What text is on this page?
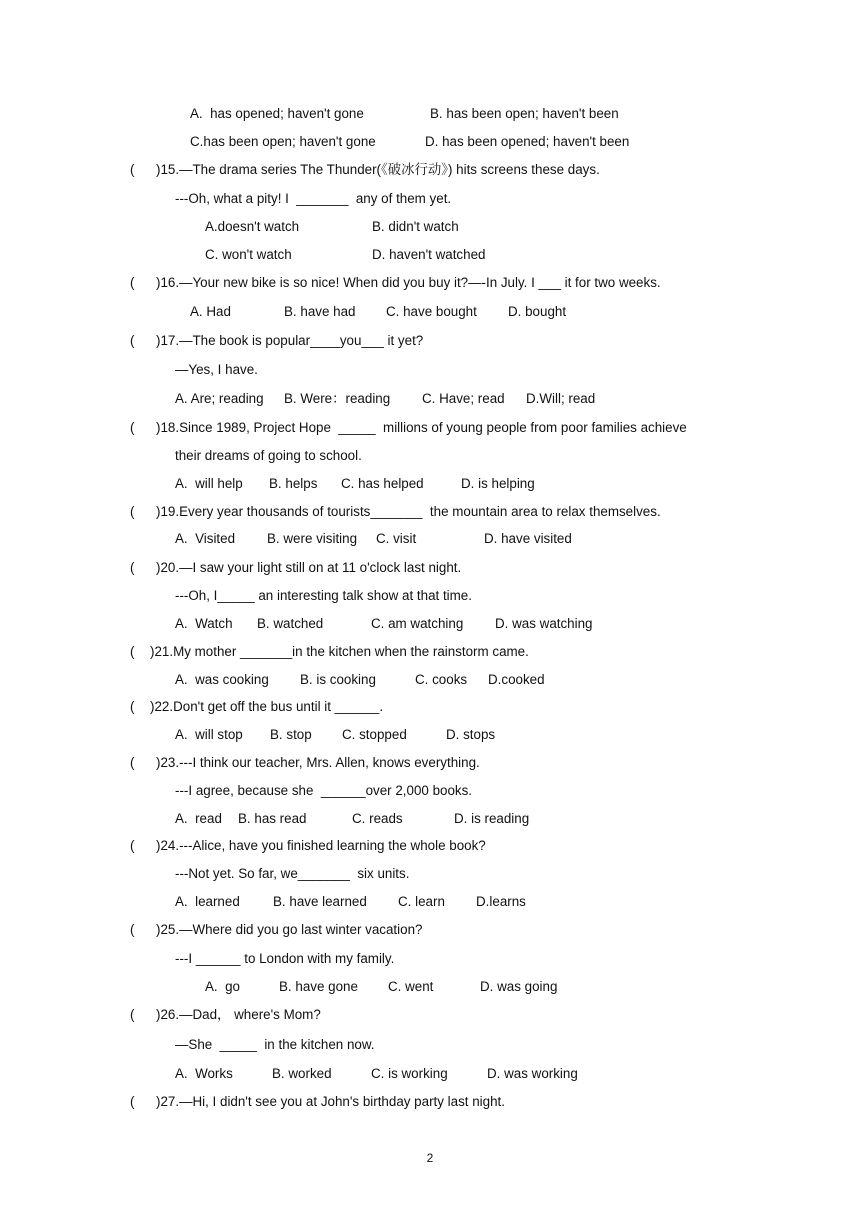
A.  has opened; haven't gone	B. has been open; haven't been
C.has been open; haven't gone	D. has been opened; haven't been
( )15.—The drama series The Thunder(《破冰行动》) hits screens these days.
---Oh, what a pity! I  _______  any of them yet.
A.doesn't watch	B. didn't watch
C. won't watch	D. haven't watched
( )16.—Your new bike is so nice! When did you buy it?—-In July. I ___ it for two weeks.
A. Had	B. have had C. have bought D. bought
( )17.—The book is popular____you___ it yet?
—Yes, I have.
A. Are; reading B. Were：reading C. Have; read D.Will; read
( )18.Since 1989, Project Hope  _____  millions of young people from poor families achieve
their dreams of going to school.
A.  will help B. helps C. has helped	D. is helping
( )19.Every year thousands of tourists_______  the mountain area to relax themselves.
A.  Visited B. were visiting C. visit	D. have visited
( )20.—I saw your light still on at 11 o'clock last night.
---Oh, I_____ an interesting talk show at that time.
A.  Watch B. watched	C. am watching D. was watching
( )21.My mother _______in the kitchen when the rainstorm came.
A.  was cooking B. is cooking	C. cooks D.cooked
( )22.Don't get off the bus until it ______.
A.  will stop B. stop C. stopped	D. stops
( )23.---I think our teacher, Mrs. Allen, knows everything.
---I agree, because she  ______over 2,000 books.
A.  read B. has read	C. reads	D. is reading
( )24.---Alice, have you finished learning the whole book?
---Not yet. So far, we_______  six units.
A.  learned B. have learned C. learn D.learns
( )25.—Where did you go last winter vacation?
---I ______ to London with my family.
A.  go	B. have gone C. went	D. was going
( )26.—Dad， where's Mom?
—She  _____  in the kitchen now.
A.  Works	B. worked	C. is working	D. was working
( )27.—Hi, I didn't see you at John's birthday party last night.
2
